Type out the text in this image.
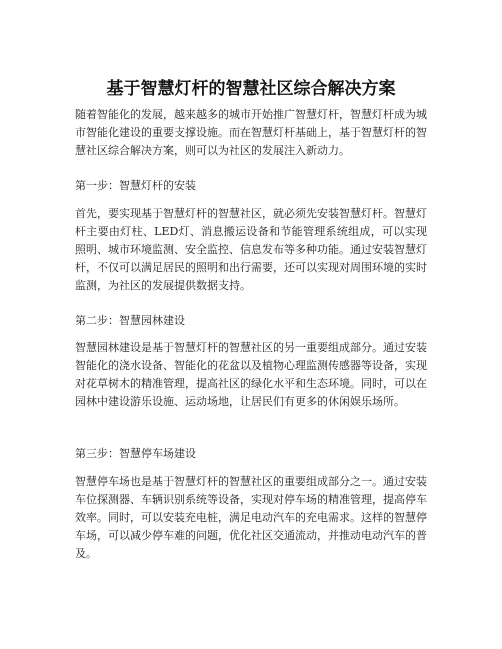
基于智慧灯杆的智慧社区综合解决方案

随着智能化的发展，越来越多的城市开始推广智慧灯杆，智慧灯杆成为城市智能化建设的重要支撑设施。而在智慧灯杆基础上，基于智慧灯杆的智慧社区综合解决方案，则可以为社区的发展注入新动力。

第一步：智慧灯杆的安装

首先，要实现基于智慧灯杆的智慧社区，就必须先安装智慧灯杆。智慧灯杆主要由灯柱、LED灯、消息搬运设备和节能管理系统组成，可以实现照明、城市环境监测、安全监控、信息发布等多种功能。通过安装智慧灯杆，不仅可以满足居民的照明和出行需要，还可以实现对周围环境的实时监测，为社区的发展提供数据支持。

第二步：智慧园林建设

智慧园林建设是基于智慧灯杆的智慧社区的另一重要组成部分。通过安装智能化的浇水设备、智能化的花盆以及植物心理监测传感器等设备，实现对花草树木的精准管理，提高社区的绿化水平和生态环境。同时，可以在园林中建设游乐设施、运动场地，让居民们有更多的休闲娱乐场所。

第三步：智慧停车场建设

智慧停车场也是基于智慧灯杆的智慧社区的重要组成部分之一。通过安装车位探测器、车辆识别系统等设备，实现对停车场的精准管理，提高停车效率。同时，可以安装充电桩，满足电动汽车的充电需求。这样的智慧停车场，可以减少停车难的问题，优化社区交通流动，并推动电动汽车的普及。
